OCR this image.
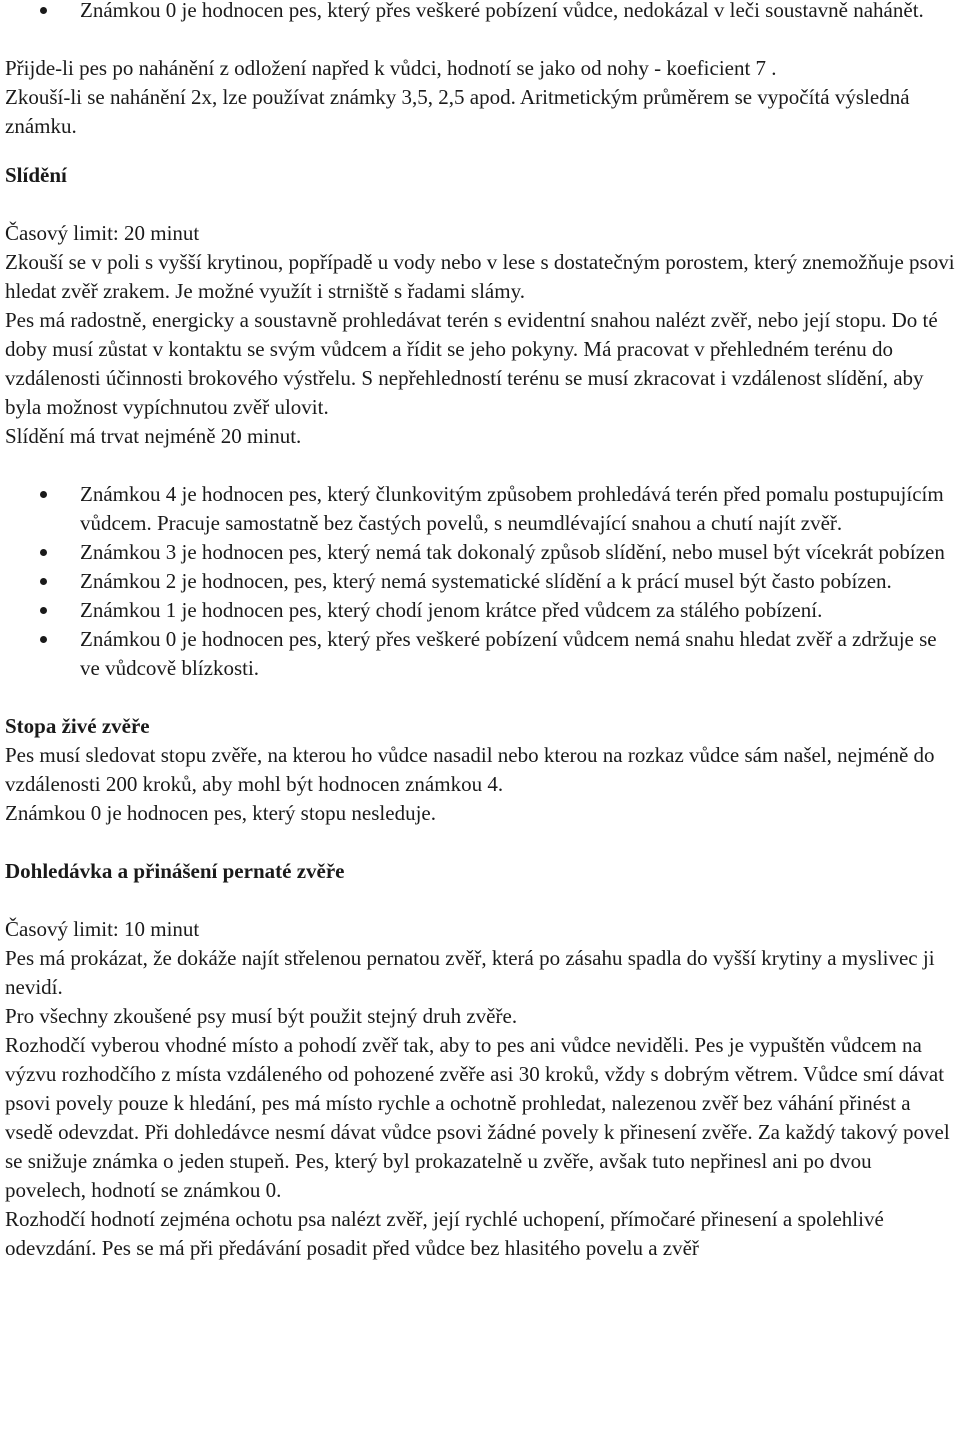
Známkou 0 je hodnocen pes, který přes veškeré pobízení vůdce, nedokázal v leči soustavně nahánět.

Přijde-li pes po nahánění z odložení napřed k vůdci, hodnotí se jako od nohy - koeficient 7 .

Zkouší-li se nahánění 2x, lze používat známky 3,5, 2,5 apod. Aritmetickým průměrem se vypočítá výsledná známku.

Slídění

Časový limit: 20 minut

Zkouší se v poli s vyšší krytinou, popřípadě u vody nebo v lese s dostatečným porostem, který znemožňuje psovi hledat zvěř zrakem. Je možné využít i strniště s řadami slámy.

Pes má radostně, energicky a soustavně prohledávat terén s evidentní snahou nalézt zvěř, nebo její stopu. Do té doby musí zůstat v kontaktu se svým vůdcem a řídit se jeho pokyny. Má pracovat v přehledném terénu do vzdálenosti účinnosti brokového výstřelu. S nepřehledností terénu se musí zkracovat i vzdálenost slídění, aby byla možnost vypíchnutou zvěř ulovit.

Slídění má trvat nejméně 20 minut.

Známkou 4 je hodnocen pes, který člunkovitým způsobem prohledává terén před pomalu postupujícím vůdcem. Pracuje samostatně bez častých povelů, s neumdlévající snahou a chutí najít zvěř.
Známkou 3 je hodnocen pes, který nemá tak dokonalý způsob slídění, nebo musel být vícekrát pobízen
Známkou 2 je hodnocen, pes, který nemá systematické slídění a k prácí musel být často pobízen.
Známkou 1 je hodnocen pes, který chodí jenom krátce před vůdcem za stálého pobízení.
Známkou 0 je hodnocen pes, který přes veškeré pobízení vůdcem nemá snahu hledat zvěř a zdržuje se ve vůdcově blízkosti.

Stopa živé zvěře

Pes musí sledovat stopu zvěře, na kterou ho vůdce nasadil nebo kterou na rozkaz vůdce sám našel, nejméně do vzdálenosti 200 kroků, aby mohl být hodnocen známkou 4.

Známkou 0 je hodnocen pes, který stopu nesleduje.

Dohledávka a přinášení pernaté zvěře

Časový limit: 10 minut

Pes má prokázat, že dokáže najít střelenou pernatou zvěř, která po zásahu spadla do vyšší krytiny a myslivec ji nevidí.

Pro všechny zkoušené psy musí být použit stejný druh zvěře.

Rozhodčí vyberou vhodné místo a pohodí zvěř tak, aby to pes ani vůdce neviděli. Pes je vypuštěn vůdcem na výzvu rozhodčího z místa vzdáleného od pohozené zvěře asi 30 kroků, vždy s dobrým větrem. Vůdce smí dávat psovi povely pouze k hledání, pes má místo rychle a ochotně prohledat, nalezenou zvěř bez váhání přinést a vsedě odevzdat. Při dohledávce nesmí dávat vůdce psovi žádné povely k přinesení zvěře. Za každý takový povel se snižuje známka o jeden stupeň. Pes, který byl prokazatelně u zvěře, avšak tuto nepřinesl ani po dvou povelech, hodnotí se známkou 0.

Rozhodčí hodnotí zejména ochotu psa nalézt zvěř, její rychlé uchopení, přímočaré přinesení a spolehlivé odevzdání. Pes se má při předávání posadit před vůdce bez hlasitého povelu a zvěř
